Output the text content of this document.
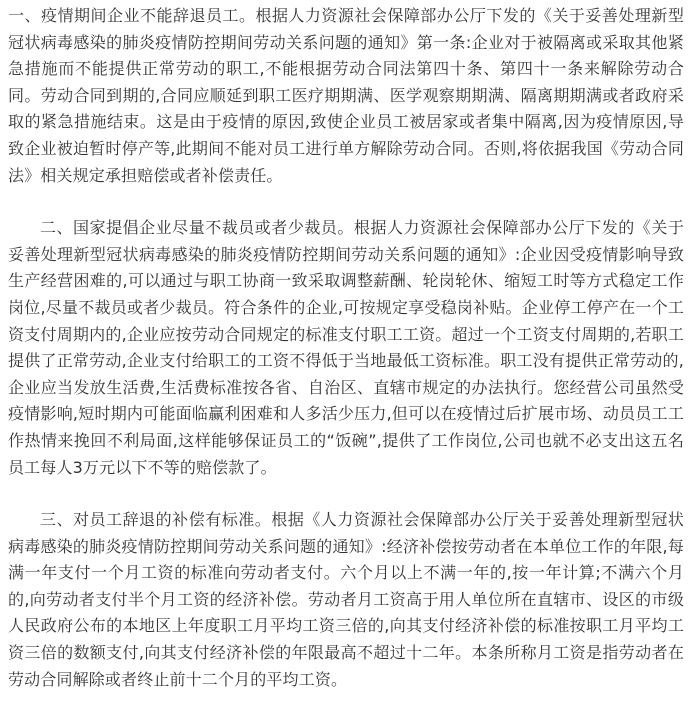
一、疫情期间企业不能辞退员工。根据人力资源社会保障部办公厅下发的《关于妥善处理新型冠状病毒感染的肺炎疫情防控期间劳动关系问题的通知》第一条:企业对于被隔离或采取其他紧急措施而不能提供正常劳动的职工,不能根据劳动合同法第四十条、第四十一条来解除劳动合同。劳动合同到期的,合同应顺延到职工医疗期期满、医学观察期期满、隔离期期满或者政府采取的紧急措施结束。这是由于疫情的原因,致使企业员工被居家或者集中隔离,因为疫情原因,导致企业被迫暂时停产等,此期间不能对员工进行单方解除劳动合同。否则,将依据我国《劳动合同法》相关规定承担赔偿或者补偿责任。

二、国家提倡企业尽量不裁员或者少裁员。根据人力资源社会保障部办公厅下发的《关于妥善处理新型冠状病毒感染的肺炎疫情防控期间劳动关系问题的通知》:企业因受疫情影响导致生产经营困难的,可以通过与职工协商一致采取调整薪酬、轮岗轮休、缩短工时等方式稳定工作岗位,尽量不裁员或者少裁员。符合条件的企业,可按规定享受稳岗补贴。企业停工停产在一个工资支付周期内的,企业应按劳动合同规定的标准支付职工工资。超过一个工资支付周期的,若职工提供了正常劳动,企业支付给职工的工资不得低于当地最低工资标准。职工没有提供正常劳动的,企业应当发放生活费,生活费标准按各省、自治区、直辖市规定的办法执行。您经营公司虽然受疫情影响,短时期内可能面临赢利困难和人多活少压力,但可以在疫情过后扩展市场、动员员工工作热情来挽回不利局面,这样能够保证员工的“饭碗”,提供了工作岗位,公司也就不必支出这五名员工每人3万元以下不等的赔偿款了。

三、对员工辞退的补偿有标准。根据《人力资源社会保障部办公厅关于妥善处理新型冠状病毒感染的肺炎疫情防控期间劳动关系问题的通知》:经济补偿按劳动者在本单位工作的年限,每满一年支付一个月工资的标准向劳动者支付。六个月以上不满一年的,按一年计算;不满六个月的,向劳动者支付半个月工资的经济补偿。劳动者月工资高于用人单位所在直辖市、设区的市级人民政府公布的本地区上年度职工月平均工资三倍的,向其支付经济补偿的标准按职工月平均工资三倍的数额支付,向其支付经济补偿的年限最高不超过十二年。本条所称月工资是指劳动者在劳动合同解除或者终止前十二个月的平均工资。
